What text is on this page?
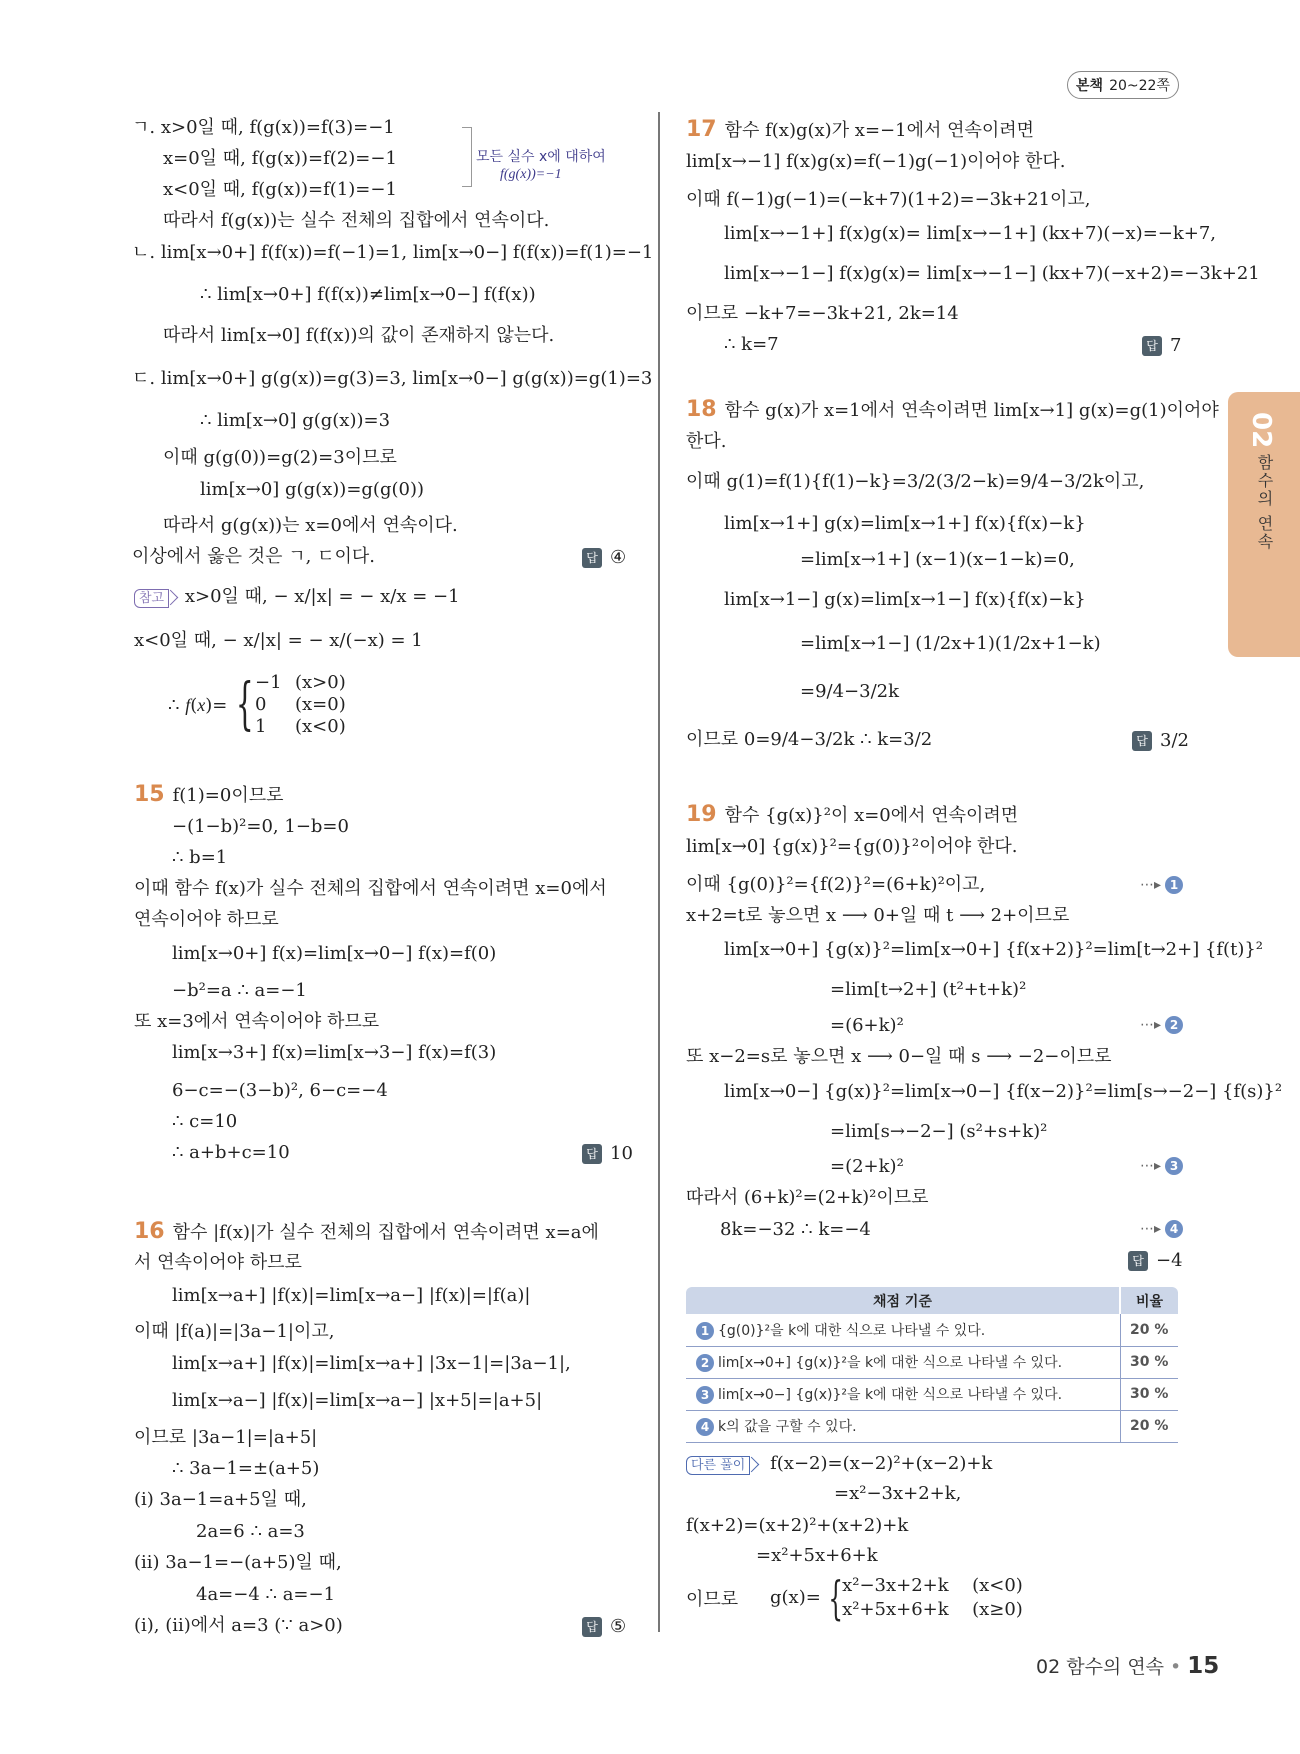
본책 20~22쪽
02
함수의 연속
ㄱ. x>0일 때, f(g(x))=f(3)=−1
x=0일 때, f(g(x))=f(2)=−1
x<0일 때, f(g(x))=f(1)=−1
모든 실수 x에 대하여
f(g(x))=−1
따라서 f(g(x))는 실수 전체의 집합에서 연속이다.
ㄴ. lim[x→0+] f(f(x))=f(−1)=1, lim[x→0−] f(f(x))=f(1)=−1
∴ lim[x→0+] f(f(x))≠lim[x→0−] f(f(x))
따라서 lim[x→0] f(f(x))의 값이 존재하지 않는다.
ㄷ. lim[x→0+] g(g(x))=g(3)=3, lim[x→0−] g(g(x))=g(1)=3
∴ lim[x→0] g(g(x))=3
이때 g(g(0))=g(2)=3이므로
lim[x→0] g(g(x))=g(g(0))
따라서 g(g(x))는 x=0에서 연속이다.
이상에서 옳은 것은 ㄱ, ㄷ이다.	답 ④
참고 x>0일 때, − x/|x| = − x/x = −1
x<0일 때, − x/|x| = − x/(−x) = 1
∴ f(x)= { −1 (x>0)
0 (x=0)
1 (x<0)
15 f(1)=0이므로
−(1−b)²=0, 1−b=0
∴ b=1
이때 함수 f(x)가 실수 전체의 집합에서 연속이려면 x=0에서
연속이어야 하므로
lim[x→0+] f(x)=lim[x→0−] f(x)=f(0)
−b²=a ∴ a=−1
또 x=3에서 연속이어야 하므로
lim[x→3+] f(x)=lim[x→3−] f(x)=f(3)
6−c=−(3−b)², 6−c=−4
∴ c=10
∴ a+b+c=10	답 10
16 함수 |f(x)|가 실수 전체의 집합에서 연속이려면 x=a에
서 연속이어야 하므로
lim[x→a+] |f(x)|=lim[x→a−] |f(x)|=|f(a)|
이때 |f(a)|=|3a−1|이고,
lim[x→a+] |f(x)|=lim[x→a+] |3x−1|=|3a−1|,
lim[x→a−] |f(x)|=lim[x→a−] |x+5|=|a+5|
이므로 |3a−1|=|a+5|
∴ 3a−1=±(a+5)
(i) 3a−1=a+5일 때,
2a=6 ∴ a=3
(ii) 3a−1=−(a+5)일 때,
4a=−4 ∴ a=−1
(i), (ii)에서 a=3 (∵ a>0)	답 ⑤
17 함수 f(x)g(x)가 x=−1에서 연속이려면
lim[x→−1] f(x)g(x)=f(−1)g(−1)이어야 한다.
이때 f(−1)g(−1)=(−k+7)(1+2)=−3k+21이고,
lim[x→−1+] f(x)g(x)= lim[x→−1+] (kx+7)(−x)=−k+7,
lim[x→−1−] f(x)g(x)= lim[x→−1−] (kx+7)(−x+2)=−3k+21
이므로 −k+7=−3k+21, 2k=14
∴ k=7	답 7
18 함수 g(x)가 x=1에서 연속이려면 lim[x→1] g(x)=g(1)이어야
한다.
이때 g(1)=f(1){f(1)−k}=3/2(3/2−k)=9/4−3/2k이고,
lim[x→1+] g(x)=lim[x→1+] f(x){f(x)−k}
=lim[x→1+] (x−1)(x−1−k)=0,
lim[x→1−] g(x)=lim[x→1−] f(x){f(x)−k}
=lim[x→1−] (1/2x+1)(1/2x+1−k)
=9/4−3/2k
이므로 0=9/4−3/2k ∴ k=3/2	답 3/2
19 함수 {g(x)}²이 x=0에서 연속이려면
lim[x→0] {g(x)}²={g(0)}²이어야 한다.
이때 {g(0)}²={f(2)}²=(6+k)²이고,	⋯▸ 1
x+2=t로 놓으면 x ⟶ 0+일 때 t ⟶ 2+이므로
lim[x→0+] {g(x)}²=lim[x→0+] {f(x+2)}²=lim[t→2+] {f(t)}²
=lim[t→2+] (t²+t+k)²
=(6+k)²	⋯▸ 2
또 x−2=s로 놓으면 x ⟶ 0−일 때 s ⟶ −2−이므로
lim[x→0−] {g(x)}²=lim[x→0−] {f(x−2)}²=lim[s→−2−] {f(s)}²
=lim[s→−2−] (s²+s+k)²
=(2+k)²	⋯▸ 3
따라서 (6+k)²=(2+k)²이므로
8k=−32 ∴ k=−4	⋯▸ 4
답 −4
채점 기준	비율
1 {g(0)}²을 k에 대한 식으로 나타낼 수 있다.	20 %
2 lim[x→0+] {g(x)}²을 k에 대한 식으로 나타낼 수 있다.	30 %
3 lim[x→0−] {g(x)}²을 k에 대한 식으로 나타낼 수 있다.	30 %
4 k의 값을 구할 수 있다.	20 %
다른 풀이 f(x−2)=(x−2)²+(x−2)+k
=x²−3x+2+k,
f(x+2)=(x+2)²+(x+2)+k
=x²+5x+6+k
이므로 g(x)= { x²−3x+2+k (x<0)
x²+5x+6+k (x≥0)
02 함수의 연속 • 15
